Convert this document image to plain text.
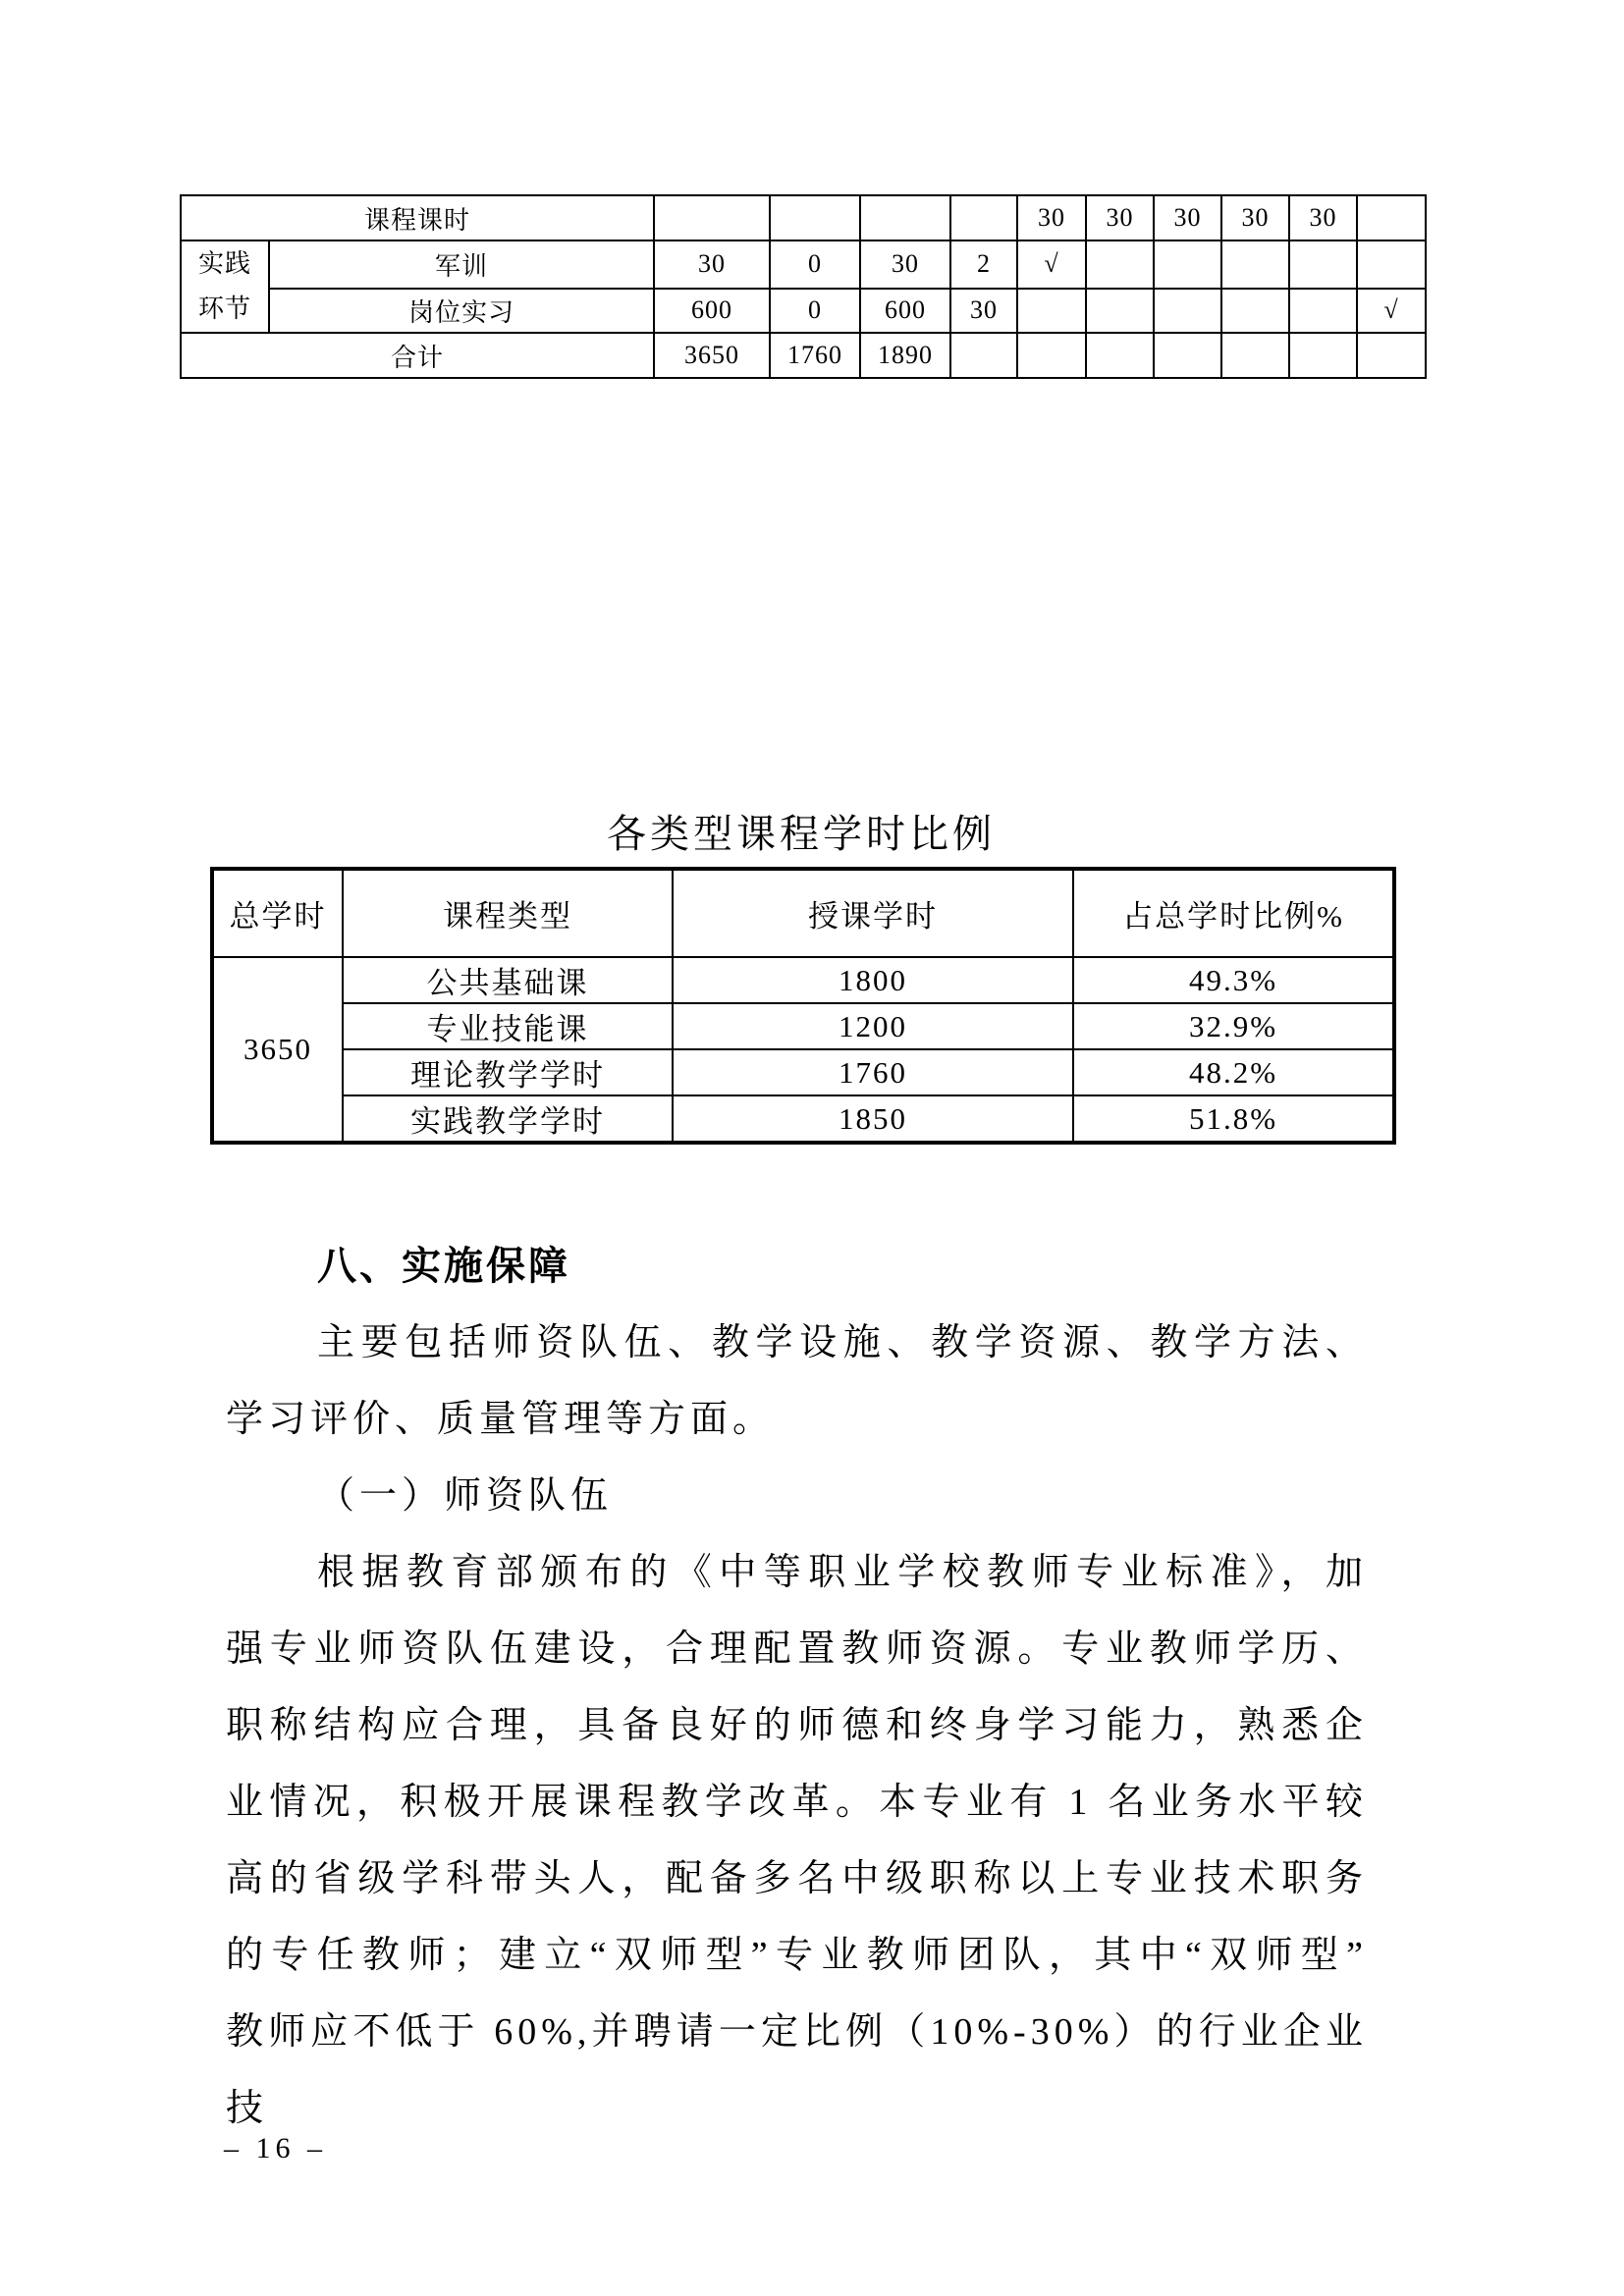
课程课时						30	30	30	30	30	

实践
环节	军训	30	0	30	2	√					
	岗位实习	600	0	600	30						√
合计		3650	1760	1890							
各类型课程学时比例
总学时	课程类型	授课学时	占总学时比例%
3650	公共基础课	1800	49.3%
	专业技能课	1200	32.9%
	理论教学学时	1760	48.2%
	实践教学学时	1850	51.8%
八、实施保障
主要包括师资队伍、教学设施、教学资源、教学方法、
学习评价、质量管理等方面。
（一）师资队伍
根据教育部颁布的《中等职业学校教师专业标准》，加
强专业师资队伍建设，合理配置教师资源。专业教师学历、
职称结构应合理，具备良好的师德和终身学习能力，熟悉企
业情况，积极开展课程教学改革。本专业有 1 名业务水平较
高的省级学科带头人，配备多名中级职称以上专业技术职务
的专任教师；建立“双师型”专业教师团队，其中“双师型”
教师应不低于 60%,并聘请一定比例（10%-30%）的行业企业技
– 16 –
